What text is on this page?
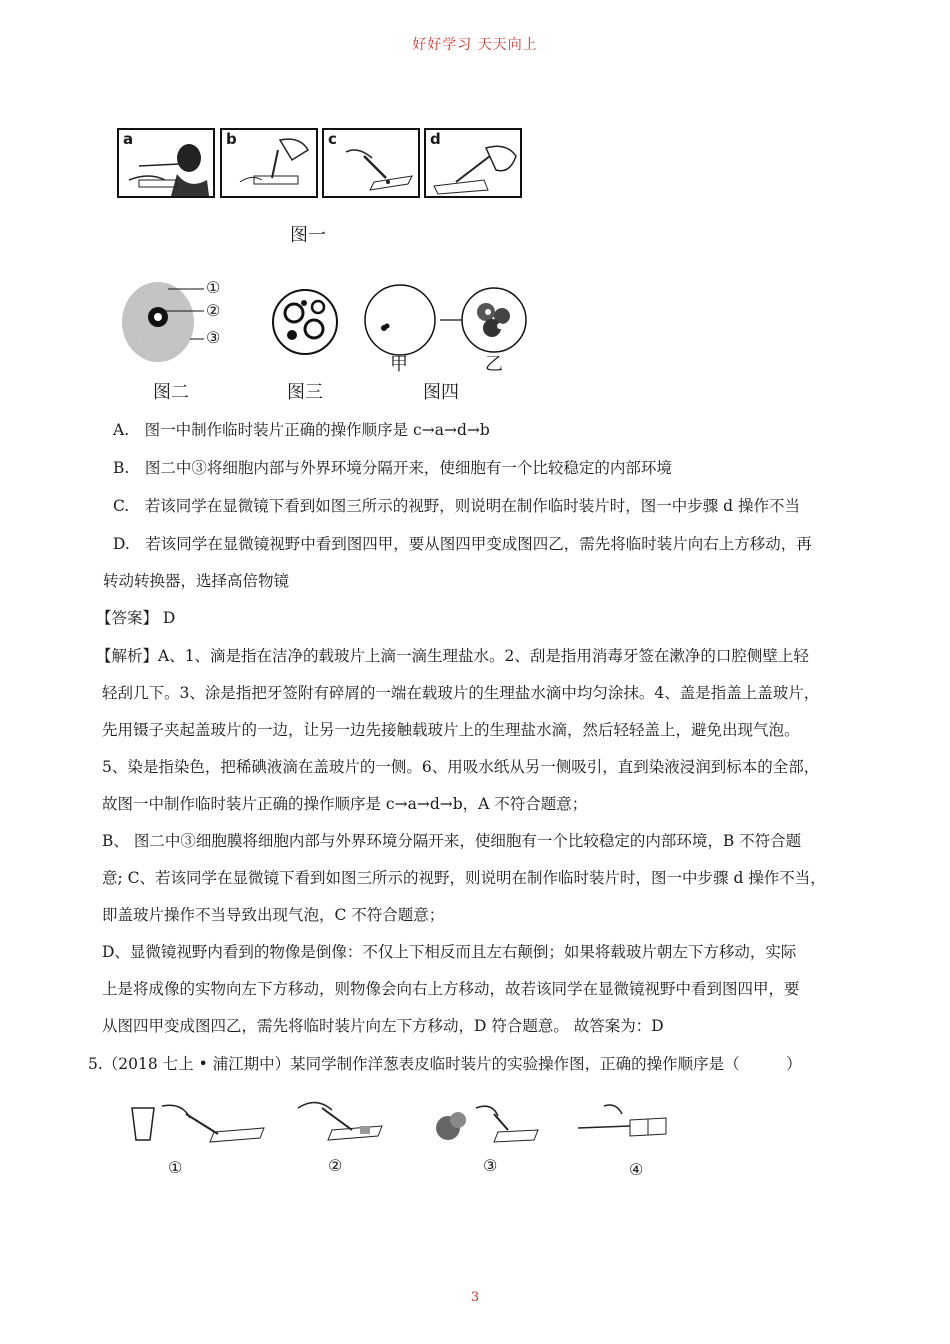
好好学习 天天向上
a	b	c	d
图一
①
②
③
图二	图三
甲	乙
图四
A.　图一中制作临时装片正确的操作顺序是 c→a→d→b
B.　图二中③将细胞内部与外界环境分隔开来，使细胞有一个比较稳定的内部环境
C.　若该同学在显微镜下看到如图三所示的视野，则说明在制作临时装片时，图一中步骤 d 操作不当
D.　若该同学在显微镜视野中看到图四甲，要从图四甲变成图四乙，需先将临时装片向右上方移动，再
转动转换器，选择高倍物镜
【答案】 D
【解析】A、1、滴是指在洁净的载玻片上滴一滴生理盐水。2、刮是指用消毒牙签在漱净的口腔侧壁上轻
轻刮几下。3、涂是指把牙签附有碎屑的一端在载玻片的生理盐水滴中均匀涂抹。4、盖是指盖上盖玻片，
先用镊子夹起盖玻片的一边，让另一边先接触载玻片上的生理盐水滴，然后轻轻盖上，避免出现气泡。
5、染是指染色，把稀碘液滴在盖玻片的一侧。6、用吸水纸从另一侧吸引，直到染液浸润到标本的全部，
故图一中制作临时装片正确的操作顺序是 c→a→d→b，A 不符合题意；
B、 图二中③细胞膜将细胞内部与外界环境分隔开来，使细胞有一个比较稳定的内部环境，B 不符合题
意; C、若该同学在显微镜下看到如图三所示的视野，则说明在制作临时装片时，图一中步骤 d 操作不当，
即盖玻片操作不当导致出现气泡，C 不符合题意；
D、显微镜视野内看到的物像是倒像：不仅上下相反而且左右颠倒；如果将载玻片朝左下方移动，实际
上是将成像的实物向左下方移动，则物像会向右上方移动，故若该同学在显微镜视野中看到图四甲，要
从图四甲变成图四乙，需先将临时装片向左下方移动，D 符合题意。 故答案为：D
5.（2018 七上 • 浦江期中）某同学制作洋葱表皮临时装片的实验操作图，正确的操作顺序是（　　　）
①	②	③	④
3
